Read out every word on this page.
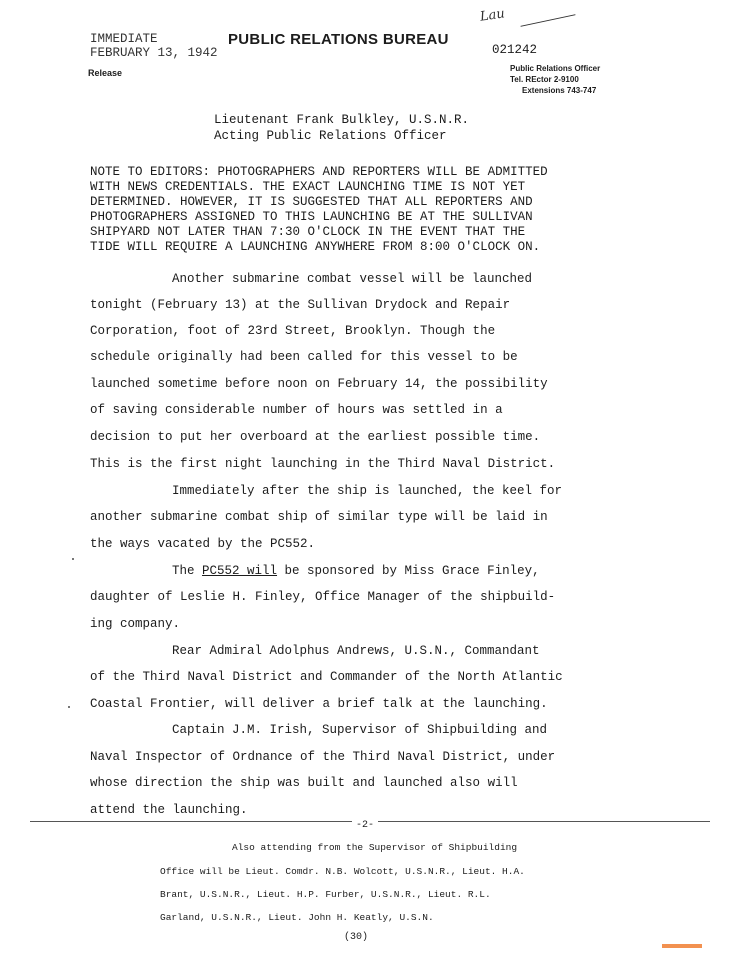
IMMEDIATE
FEBRUARY 13, 1942
PUBLIC RELATIONS BUREAU
Release
021242
Lau
Public Relations Officer
Tel. REctor 2-9100
Extensions 743-747
Lieutenant Frank Bulkley, U.S.N.R.
Acting Public Relations Officer
NOTE TO EDITORS: PHOTOGRAPHERS AND REPORTERS WILL BE ADMITTED
WITH NEWS CREDENTIALS. THE EXACT LAUNCHING TIME IS NOT YET
DETERMINED. HOWEVER, IT IS SUGGESTED THAT ALL REPORTERS AND
PHOTOGRAPHERS ASSIGNED TO THIS LAUNCHING BE AT THE SULLIVAN
SHIPYARD NOT LATER THAN 7:30 O'CLOCK IN THE EVENT THAT THE
TIDE WILL REQUIRE A LAUNCHING ANYWHERE FROM 8:00 O'CLOCK ON.
Another submarine combat vessel will be launched
tonight (February 13) at the Sullivan Drydock and Repair
Corporation, foot of 23rd Street, Brooklyn. Though the
schedule originally had been called for this vessel to be
launched sometime before noon on February 14, the possibility
of saving considerable number of hours was settled in a
decision to put her overboard at the earliest possible time.
This is the first night launching in the Third Naval District.
Immediately after the ship is launched, the keel for
another submarine combat ship of similar type will be laid in
the ways vacated by the PC552.
The PC552 will be sponsored by Miss Grace Finley,
daughter of Leslie H. Finley, Office Manager of the shipbuild-
ing company.
Rear Admiral Adolphus Andrews, U.S.N., Commandant
of the Third Naval District and Commander of the North Atlantic
Coastal Frontier, will deliver a brief talk at the launching.
Captain J.M. Irish, Supervisor of Shipbuilding and
Naval Inspector of Ordnance of the Third Naval District, under
whose direction the ship was built and launched also will
attend the launching.
-2-
Also attending from the Supervisor of Shipbuilding
Office will be Lieut. Comdr. N.B. Wolcott, U.S.N.R., Lieut. H.A.
Brant, U.S.N.R., Lieut. H.P. Furber, U.S.N.R., Lieut. R.L.
Garland, U.S.N.R., Lieut. John H. Keatly, U.S.N.
(30)
